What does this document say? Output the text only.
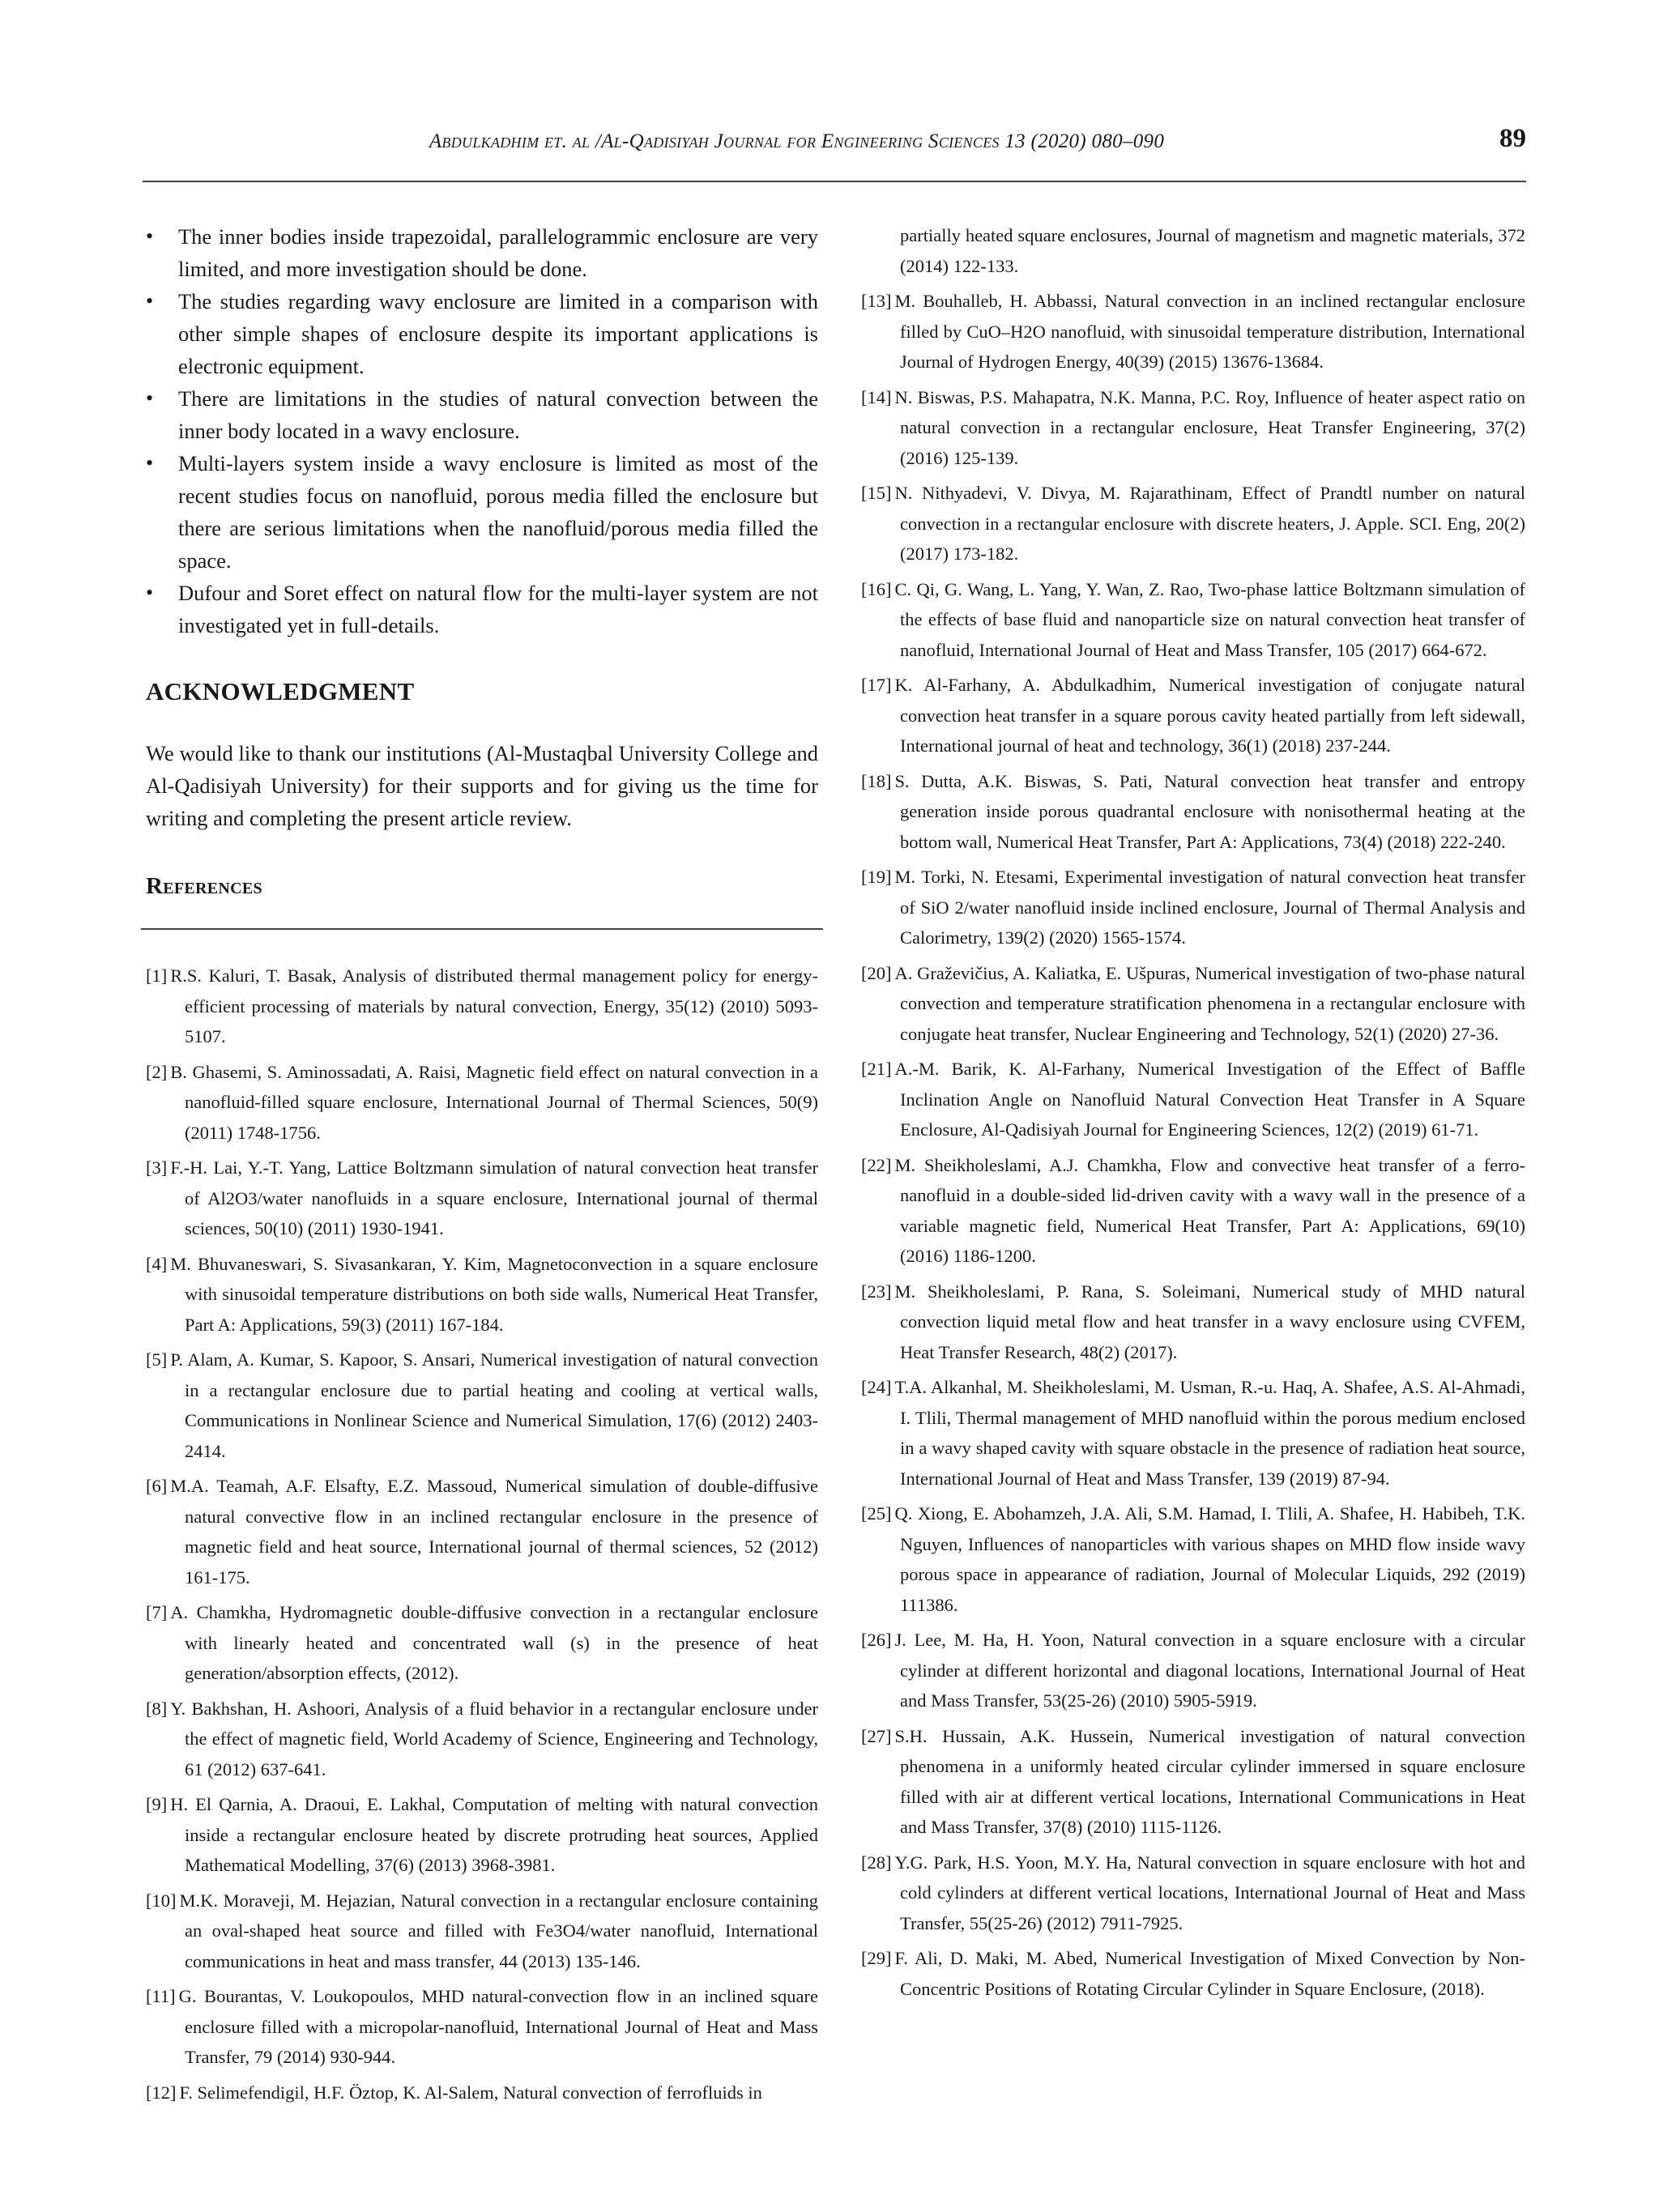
Abdulkadhim et. al /Al-Qadisiyah Journal for Engineering Sciences 13 (2020) 080–090	89
•	The inner bodies inside trapezoidal, parallelogrammic enclosure are very limited, and more investigation should be done.
•	The studies regarding wavy enclosure are limited in a comparison with other simple shapes of enclosure despite its important applications is electronic equipment.
•	There are limitations in the studies of natural convection between the inner body located in a wavy enclosure.
•	Multi-layers system inside a wavy enclosure is limited as most of the recent studies focus on nanofluid, porous media filled the enclosure but there are serious limitations when the nanofluid/porous media filled the space.
•	Dufour and Soret effect on natural flow for the multi-layer system are not investigated yet in full-details.
ACKNOWLEDGMENT

We would like to thank our institutions (Al-Mustaqbal University College and Al-Qadisiyah University) for their supports and for giving us the time for writing and completing the present article review.

References
[1] R.S. Kaluri, T. Basak, Analysis of distributed thermal management policy for energy-efficient processing of materials by natural convection, Energy, 35(12) (2010) 5093-5107.
[2] B. Ghasemi, S. Aminossadati, A. Raisi, Magnetic field effect on natural convection in a nanofluid-filled square enclosure, International Journal of Thermal Sciences, 50(9) (2011) 1748-1756.
[3] F.-H. Lai, Y.-T. Yang, Lattice Boltzmann simulation of natural convection heat transfer of Al2O3/water nanofluids in a square enclosure, International journal of thermal sciences, 50(10) (2011) 1930-1941.
[4] M. Bhuvaneswari, S. Sivasankaran, Y. Kim, Magnetoconvection in a square enclosure with sinusoidal temperature distributions on both side walls, Numerical Heat Transfer, Part A: Applications, 59(3) (2011) 167-184.
[5] P. Alam, A. Kumar, S. Kapoor, S. Ansari, Numerical investigation of natural convection in a rectangular enclosure due to partial heating and cooling at vertical walls, Communications in Nonlinear Science and Numerical Simulation, 17(6) (2012) 2403-2414.
[6] M.A. Teamah, A.F. Elsafty, E.Z. Massoud, Numerical simulation of double-diffusive natural convective flow in an inclined rectangular enclosure in the presence of magnetic field and heat source, International journal of thermal sciences, 52 (2012) 161-175.
[7] A. Chamkha, Hydromagnetic double-diffusive convection in a rectangular enclosure with linearly heated and concentrated wall (s) in the presence of heat generation/absorption effects, (2012).
[8] Y. Bakhshan, H. Ashoori, Analysis of a fluid behavior in a rectangular enclosure under the effect of magnetic field, World Academy of Science, Engineering and Technology, 61 (2012) 637-641.
[9] H. El Qarnia, A. Draoui, E. Lakhal, Computation of melting with natural convection inside a rectangular enclosure heated by discrete protruding heat sources, Applied Mathematical Modelling, 37(6) (2013) 3968-3981.
[10] M.K. Moraveji, M. Hejazian, Natural convection in a rectangular enclosure containing an oval-shaped heat source and filled with Fe3O4/water nanofluid, International communications in heat and mass transfer, 44 (2013) 135-146.
[11] G. Bourantas, V. Loukopoulos, MHD natural-convection flow in an inclined square enclosure filled with a micropolar-nanofluid, International Journal of Heat and Mass Transfer, 79 (2014) 930-944.
[12] F. Selimefendigil, H.F. Öztop, K. Al-Salem, Natural convection of ferrofluids in
partially heated square enclosures, Journal of magnetism and magnetic materials, 372 (2014) 122-133.
[13] M. Bouhalleb, H. Abbassi, Natural convection in an inclined rectangular enclosure filled by CuO–H2O nanofluid, with sinusoidal temperature distribution, International Journal of Hydrogen Energy, 40(39) (2015) 13676-13684.
[14] N. Biswas, P.S. Mahapatra, N.K. Manna, P.C. Roy, Influence of heater aspect ratio on natural convection in a rectangular enclosure, Heat Transfer Engineering, 37(2) (2016) 125-139.
[15] N. Nithyadevi, V. Divya, M. Rajarathinam, Effect of Prandtl number on natural convection in a rectangular enclosure with discrete heaters, J. Apple. SCI. Eng, 20(2) (2017) 173-182.
[16] C. Qi, G. Wang, L. Yang, Y. Wan, Z. Rao, Two-phase lattice Boltzmann simulation of the effects of base fluid and nanoparticle size on natural convection heat transfer of nanofluid, International Journal of Heat and Mass Transfer, 105 (2017) 664-672.
[17] K. Al-Farhany, A. Abdulkadhim, Numerical investigation of conjugate natural convection heat transfer in a square porous cavity heated partially from left sidewall, International journal of heat and technology, 36(1) (2018) 237-244.
[18] S. Dutta, A.K. Biswas, S. Pati, Natural convection heat transfer and entropy generation inside porous quadrantal enclosure with nonisothermal heating at the bottom wall, Numerical Heat Transfer, Part A: Applications, 73(4) (2018) 222-240.
[19] M. Torki, N. Etesami, Experimental investigation of natural convection heat transfer of SiO 2/water nanofluid inside inclined enclosure, Journal of Thermal Analysis and Calorimetry, 139(2) (2020) 1565-1574.
[20] A. Graževičius, A. Kaliatka, E. Ušpuras, Numerical investigation of two-phase natural convection and temperature stratification phenomena in a rectangular enclosure with conjugate heat transfer, Nuclear Engineering and Technology, 52(1) (2020) 27-36.
[21] A.-M. Barik, K. Al-Farhany, Numerical Investigation of the Effect of Baffle Inclination Angle on Nanofluid Natural Convection Heat Transfer in A Square Enclosure, Al-Qadisiyah Journal for Engineering Sciences, 12(2) (2019) 61-71.
[22] M. Sheikholeslami, A.J. Chamkha, Flow and convective heat transfer of a ferro-nanofluid in a double-sided lid-driven cavity with a wavy wall in the presence of a variable magnetic field, Numerical Heat Transfer, Part A: Applications, 69(10) (2016) 1186-1200.
[23] M. Sheikholeslami, P. Rana, S. Soleimani, Numerical study of MHD natural convection liquid metal flow and heat transfer in a wavy enclosure using CVFEM, Heat Transfer Research, 48(2) (2017).
[24] T.A. Alkanhal, M. Sheikholeslami, M. Usman, R.-u. Haq, A. Shafee, A.S. Al-Ahmadi, I. Tlili, Thermal management of MHD nanofluid within the porous medium enclosed in a wavy shaped cavity with square obstacle in the presence of radiation heat source, International Journal of Heat and Mass Transfer, 139 (2019) 87-94.
[25] Q. Xiong, E. Abohamzeh, J.A. Ali, S.M. Hamad, I. Tlili, A. Shafee, H. Habibeh, T.K. Nguyen, Influences of nanoparticles with various shapes on MHD flow inside wavy porous space in appearance of radiation, Journal of Molecular Liquids, 292 (2019) 111386.
[26] J. Lee, M. Ha, H. Yoon, Natural convection in a square enclosure with a circular cylinder at different horizontal and diagonal locations, International Journal of Heat and Mass Transfer, 53(25-26) (2010) 5905-5919.
[27] S.H. Hussain, A.K. Hussein, Numerical investigation of natural convection phenomena in a uniformly heated circular cylinder immersed in square enclosure filled with air at different vertical locations, International Communications in Heat and Mass Transfer, 37(8) (2010) 1115-1126.
[28] Y.G. Park, H.S. Yoon, M.Y. Ha, Natural convection in square enclosure with hot and cold cylinders at different vertical locations, International Journal of Heat and Mass Transfer, 55(25-26) (2012) 7911-7925.
[29] F. Ali, D. Maki, M. Abed, Numerical Investigation of Mixed Convection by Non-Concentric Positions of Rotating Circular Cylinder in Square Enclosure, (2018).
